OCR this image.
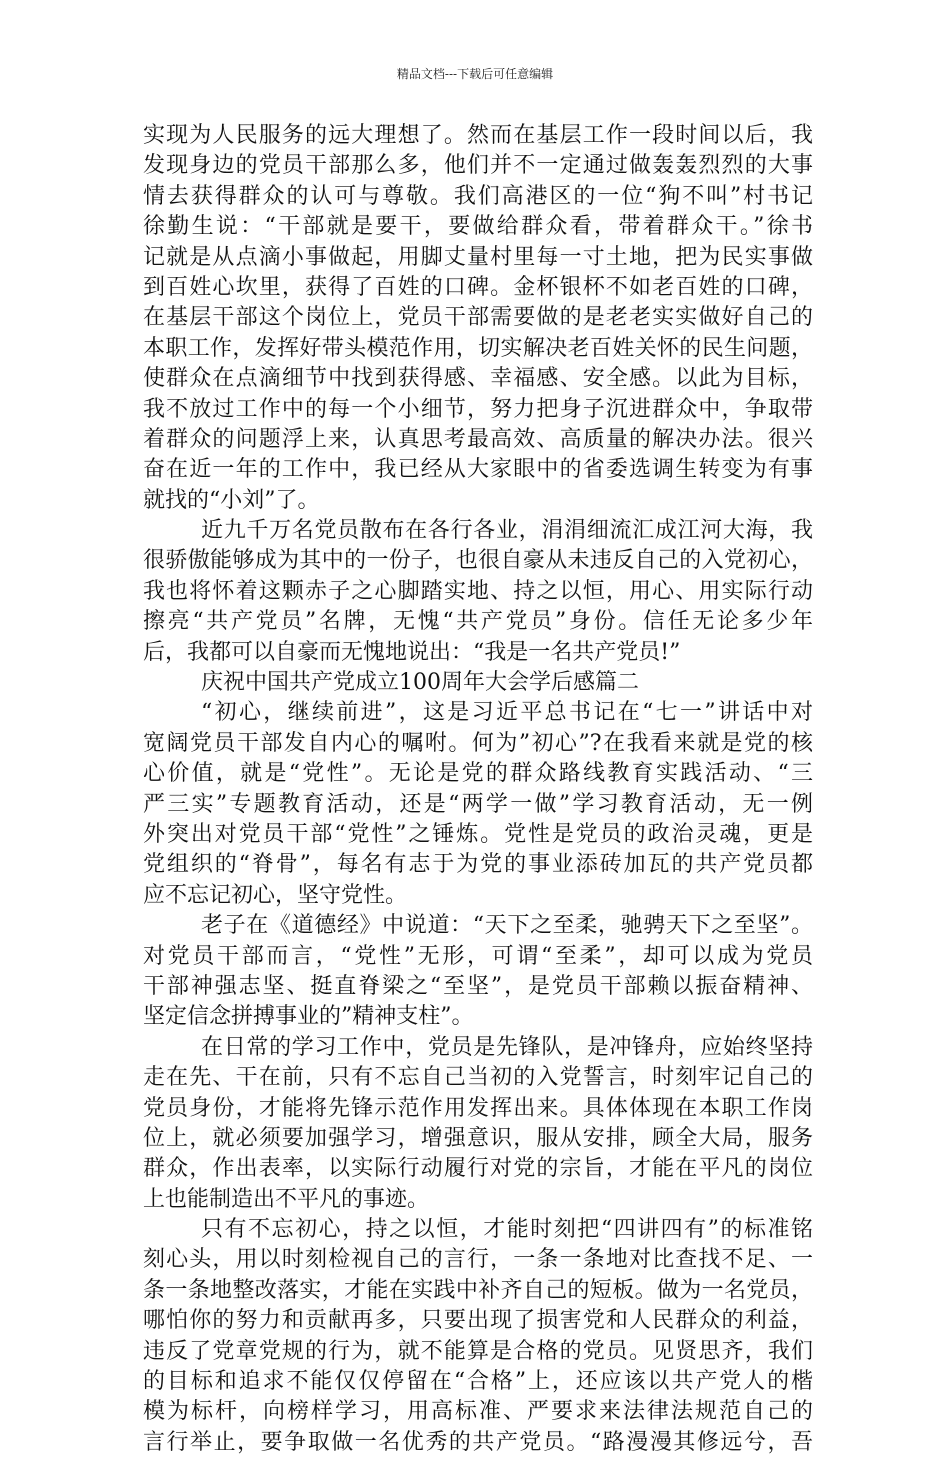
精品文档---下载后可任意编辑
实现为人民服务的远大理想了。然而在基层工作一段时间以后，我
发现身边的党员干部那么多，他们并不一定通过做轰轰烈烈的大事
情去获得群众的认可与尊敬。我们高港区的一位“狗不叫”村书记
徐勤生说：“干部就是要干，要做给群众看，带着群众干。”徐书
记就是从点滴小事做起，用脚丈量村里每一寸土地，把为民实事做
到百姓心坎里，获得了百姓的口碑。金杯银杯不如老百姓的口碑，
在基层干部这个岗位上，党员干部需要做的是老老实实做好自己的
本职工作，发挥好带头模范作用，切实解决老百姓关怀的民生问题，
使群众在点滴细节中找到获得感、幸福感、安全感。以此为目标，
我不放过工作中的每一个小细节，努力把身子沉进群众中，争取带
着群众的问题浮上来，认真思考最高效、高质量的解决办法。很兴
奋在近一年的工作中，我已经从大家眼中的省委选调生转变为有事
就找的“小刘”了。
近九千万名党员散布在各行各业，涓涓细流汇成江河大海，我
很骄傲能够成为其中的一份子，也很自豪从未违反自己的入党初心，
我也将怀着这颗赤子之心脚踏实地、持之以恒，用心、用实际行动
擦亮“共产党员”名牌，无愧“共产党员”身份。信任无论多少年
后，我都可以自豪而无愧地说出：“我是一名共产党员!”
庆祝中国共产党成立100周年大会学后感篇二
“初心，继续前进”，这是习近平总书记在“七一”讲话中对
宽阔党员干部发自内心的嘱咐。何为”初心”?在我看来就是党的核
心价值，就是“党性”。无论是党的群众路线教育实践活动、“三
严三实”专题教育活动，还是“两学一做”学习教育活动，无一例
外突出对党员干部“党性”之锤炼。党性是党员的政治灵魂，更是
党组织的“脊骨”，每名有志于为党的事业添砖加瓦的共产党员都
应不忘记初心，坚守党性。
老子在《道德经》中说道：“天下之至柔，驰骋天下之至坚”。
对党员干部而言，“党性”无形，可谓“至柔”，却可以成为党员
干部神强志坚、挺直脊梁之“至坚”，是党员干部赖以振奋精神、
坚定信念拼搏事业的”精神支柱”。
在日常的学习工作中，党员是先锋队，是冲锋舟，应始终坚持
走在先、干在前，只有不忘自己当初的入党誓言，时刻牢记自己的
党员身份，才能将先锋示范作用发挥出来。具体体现在本职工作岗
位上，就必须要加强学习，增强意识，服从安排，顾全大局，服务
群众，作出表率，以实际行动履行对党的宗旨，才能在平凡的岗位
上也能制造出不平凡的事迹。
只有不忘初心，持之以恒，才能时刻把“四讲四有”的标准铭
刻心头，用以时刻检视自己的言行，一条一条地对比查找不足、一
条一条地整改落实，才能在实践中补齐自己的短板。做为一名党员，
哪怕你的努力和贡献再多，只要出现了损害党和人民群众的利益，
违反了党章党规的行为，就不能算是合格的党员。见贤思齐，我们
的目标和追求不能仅仅停留在“合格”上，还应该以共产党人的楷
模为标杆，向榜样学习，用高标准、严要求来法律法规范自己的
言行举止，要争取做一名优秀的共产党员。“路漫漫其修远兮，吾
